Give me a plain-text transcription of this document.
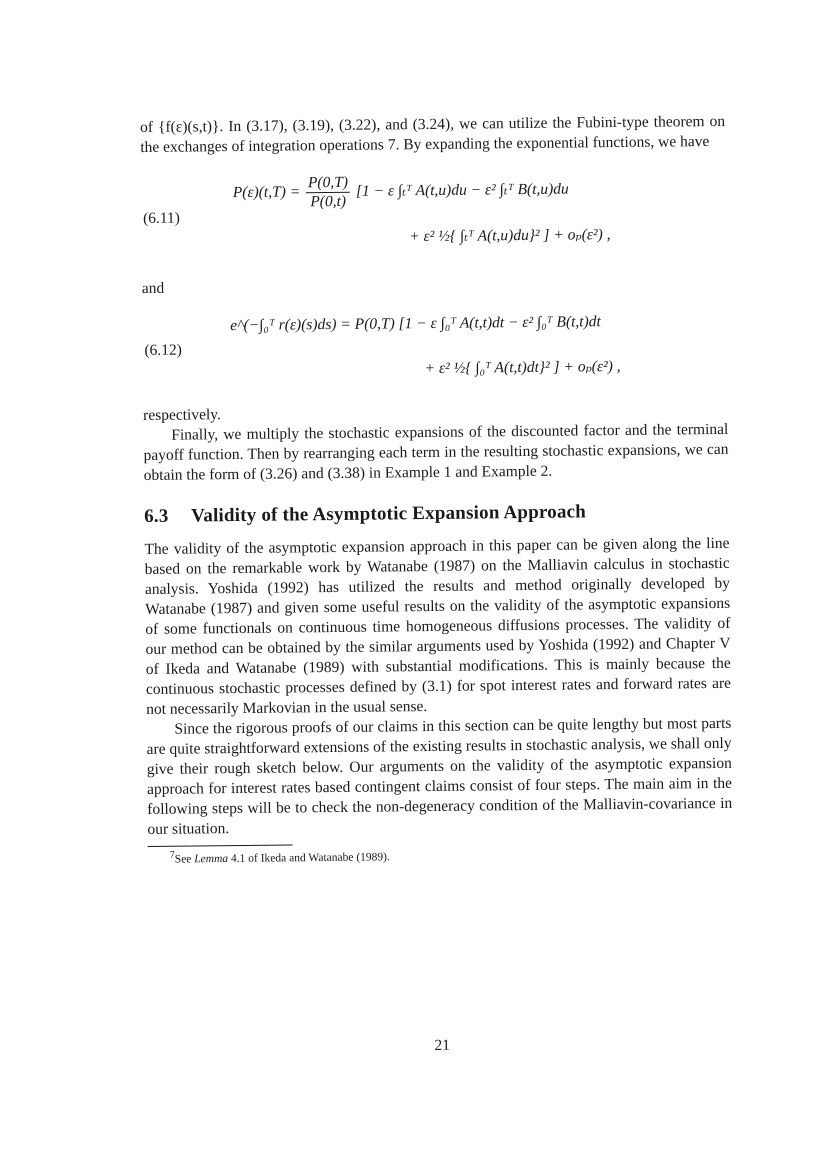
of {f(ε)(s,t)}. In (3.17), (3.19), (3.22), and (3.24), we can utilize the Fubini-type theorem on the exchanges of integration operations 7. By expanding the exponential functions, we have

(6.11)
$P(\varepsilon)(t,T) = \frac{P(0,T)}{P(0,t)} [1 - \varepsilon$ ∫ₜᵀ A(t,u)du − ε² ∫ₜᵀ B(t,u)du
+ ε² ½{ ∫ₜᵀ A(t,u)du}² ] + oₚ(ε²) ,

and

(6.12)
e^(−∫₀ᵀ r(ε)(s)ds) = P(0,T) [1 − ε ∫₀ᵀ A(t,t)dt − ε² ∫₀ᵀ B(t,t)dt
+ ε² ½{ ∫₀ᵀ A(t,t)dt}² ] + oₚ(ε²) ,

respectively.

Finally, we multiply the stochastic expansions of the discounted factor and the terminal payoff function. Then by rearranging each term in the resulting stochastic expansions, we can obtain the form of (3.26) and (3.38) in Example 1 and Example 2.

6.3 Validity of the Asymptotic Expansion Approach

The validity of the asymptotic expansion approach in this paper can be given along the line based on the remarkable work by Watanabe (1987) on the Malliavin calculus in stochastic analysis. Yoshida (1992) has utilized the results and method originally developed by Watanabe (1987) and given some useful results on the validity of the asymptotic expansions of some functionals on continuous time homogeneous diffusions processes. The validity of our method can be obtained by the similar arguments used by Yoshida (1992) and Chapter V of Ikeda and Watanabe (1989) with substantial modifications. This is mainly because the continuous stochastic processes defined by (3.1) for spot interest rates and forward rates are not necessarily Markovian in the usual sense.

Since the rigorous proofs of our claims in this section can be quite lengthy but most parts are quite straightforward extensions of the existing results in stochastic analysis, we shall only give their rough sketch below. Our arguments on the validity of the asymptotic expansion approach for interest rates based contingent claims consist of four steps. The main aim in the following steps will be to check the non-degeneracy condition of the Malliavin-covariance in our situation.

7See Lemma 4.1 of Ikeda and Watanabe (1989).

21
